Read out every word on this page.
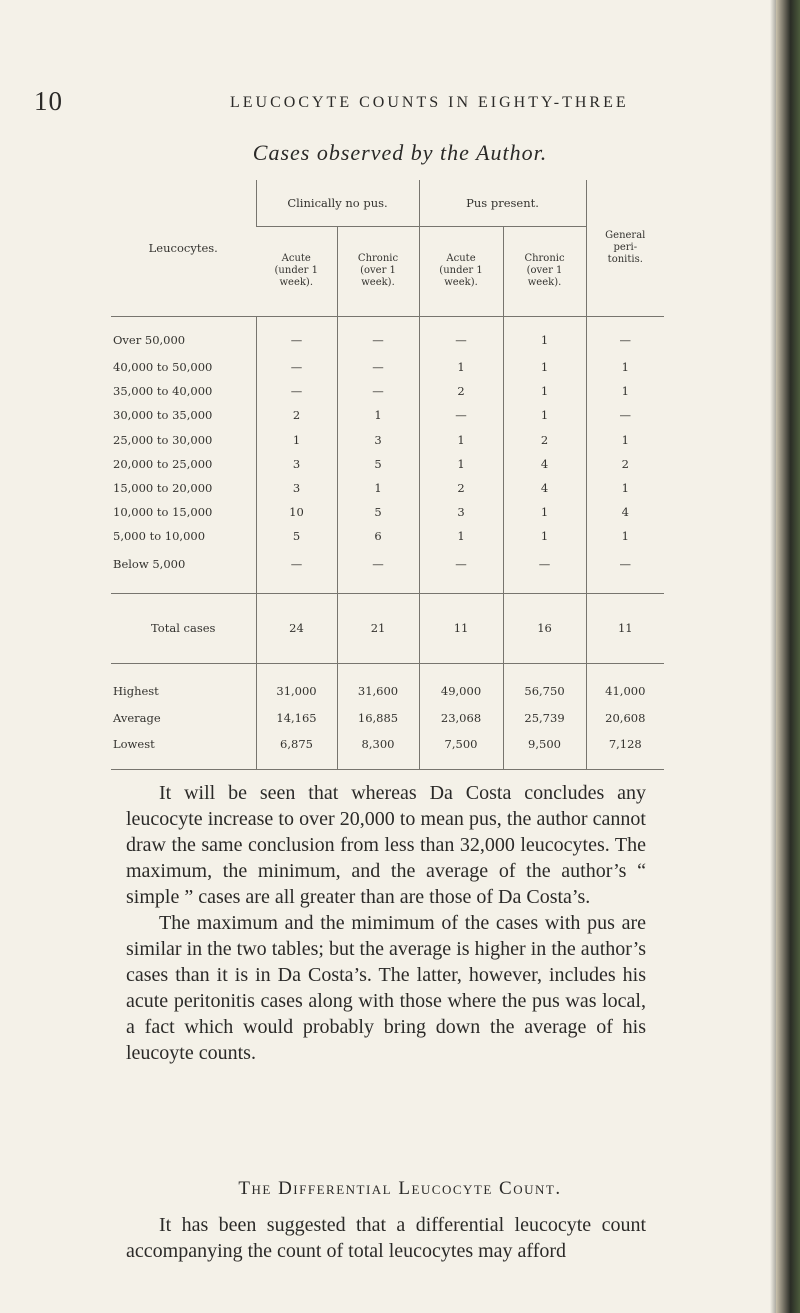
10	LEUCOCYTE COUNTS IN EIGHTY-THREE
Cases observed by the Author.
Leucocytes.	Clinically no pus.		Pus present.		General peri- tonitis.
	Acute (under 1 week).	Chronic (over 1 week).	Acute (under 1 week).	Chronic (over 1 week).	
Over 50,000	—	—	—	1	—
40,000 to 50,000	—	—	1	1	1
35,000 to 40,000	—	—	2	1	1
30,000 to 35,000	2	1	—	1	—
25,000 to 30,000	1	3	1	2	1
20,000 to 25,000	3	5	1	4	2
15,000 to 20,000	3	1	2	4	1
10,000 to 15,000	10	5	3	1	4
5,000 to 10,000	5	6	1	1	1
Below 5,000	—	—	—	—	—
Total cases	24	21	11	16	11
Highest	31,000	31,600	49,000	56,750	41,000
Average	14,165	16,885	23,068	25,739	20,608
Lowest	6,875	8,300	7,500	9,500	7,128

It will be seen that whereas Da Costa concludes any leucocyte increase to over 20,000 to mean pus, the author cannot draw the same conclusion from less than 32,000 leucocytes. The maximum, the minimum, and the average of the author’s “ simple ” cases are all greater than are those of Da Costa’s.

The maximum and the mimimum of the cases with pus are similar in the two tables; but the average is higher in the author’s cases than it is in Da Costa’s. The latter, however, includes his acute peritonitis cases along with those where the pus was local, a fact which would probably bring down the average of his leucoyte counts.

The Differential Leucocyte Count.

It has been suggested that a differential leucocyte count accompanying the count of total leucocytes may afford
